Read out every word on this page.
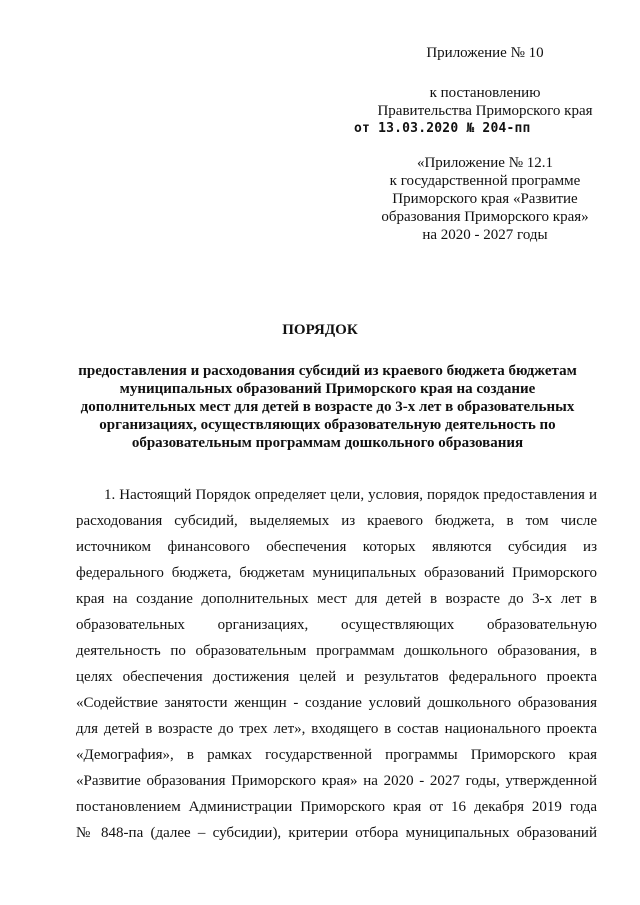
Приложение № 10
к постановлению
Правительства Приморского края
от 13.03.2020 № 204-пп
«Приложение № 12.1
к государственной программе
Приморского края «Развитие
образования Приморского края»
на 2020 - 2027 годы
ПОРЯДОК
предоставления и расходования субсидий из краевого бюджета бюджетам
муниципальных образований Приморского края на создание
дополнительных мест для детей в возрасте до 3-х лет в образовательных
организациях, осуществляющих образовательную деятельность по
образовательным программам дошкольного образования
1. Настоящий Порядок определяет цели, условия, порядок предоставления и
расходования субсидий, выделяемых из краевого бюджета, в том числе
источником финансового обеспечения которых являются субсидия из
федерального бюджета, бюджетам муниципальных образований Приморского
края на создание дополнительных мест для детей в возрасте до 3-х лет в
образовательных организациях, осуществляющих образовательную
деятельность по образовательным программам дошкольного образования, в
целях обеспечения достижения целей и результатов федерального проекта
«Содействие занятости женщин - создание условий дошкольного образования
для детей в возрасте до трех лет», входящего в состав национального проекта
«Демография», в рамках государственной программы Приморского края
«Развитие образования Приморского края» на 2020 - 2027 годы, утвержденной
постановлением Администрации Приморского края от 16 декабря 2019 года
№ 848-па (далее – субсидии), критерии отбора муниципальных образований
